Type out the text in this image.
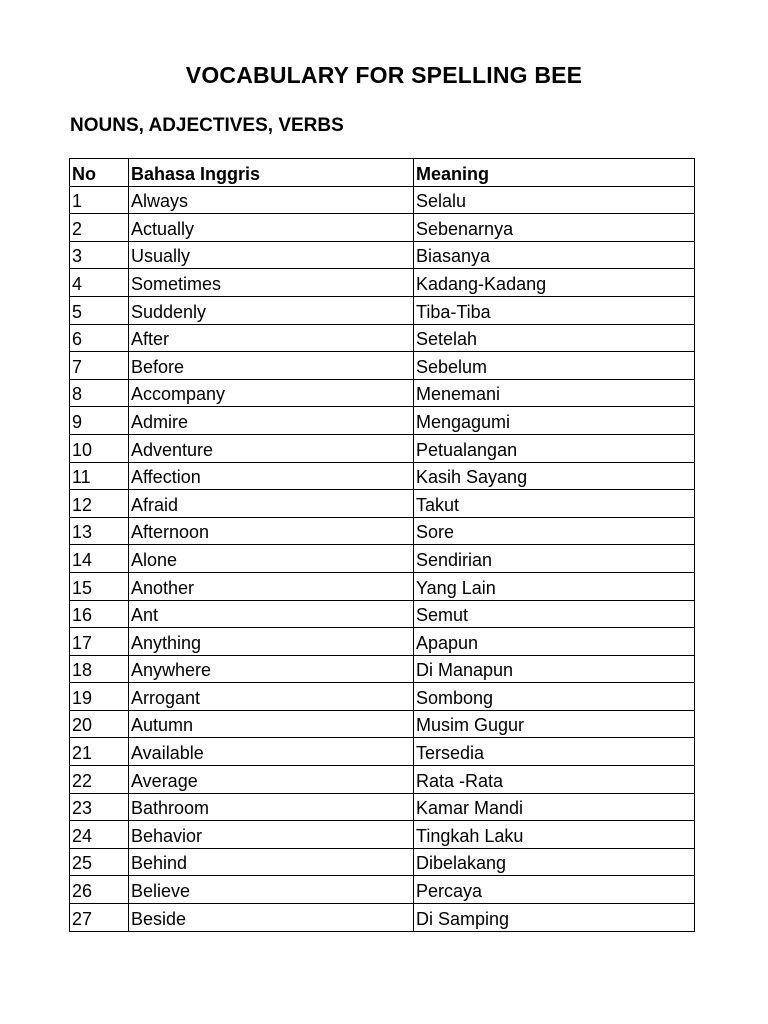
VOCABULARY FOR SPELLING BEE
NOUNS, ADJECTIVES, VERBS
No	Bahasa Inggris	Meaning
1	Always	Selalu
2	Actually	Sebenarnya
3	Usually	Biasanya
4	Sometimes	Kadang-Kadang
5	Suddenly	Tiba-Tiba
6	After	Setelah
7	Before	Sebelum
8	Accompany	Menemani
9	Admire	Mengagumi
10	Adventure	Petualangan
11	Affection	Kasih Sayang
12	Afraid	Takut
13	Afternoon	Sore
14	Alone	Sendirian
15	Another	Yang Lain
16	Ant	Semut
17	Anything	Apapun
18	Anywhere	Di Manapun
19	Arrogant	Sombong
20	Autumn	Musim Gugur
21	Available	Tersedia
22	Average	Rata -Rata
23	Bathroom	Kamar Mandi
24	Behavior	Tingkah Laku
25	Behind	Dibelakang
26	Believe	Percaya
27	Beside	Di Samping
